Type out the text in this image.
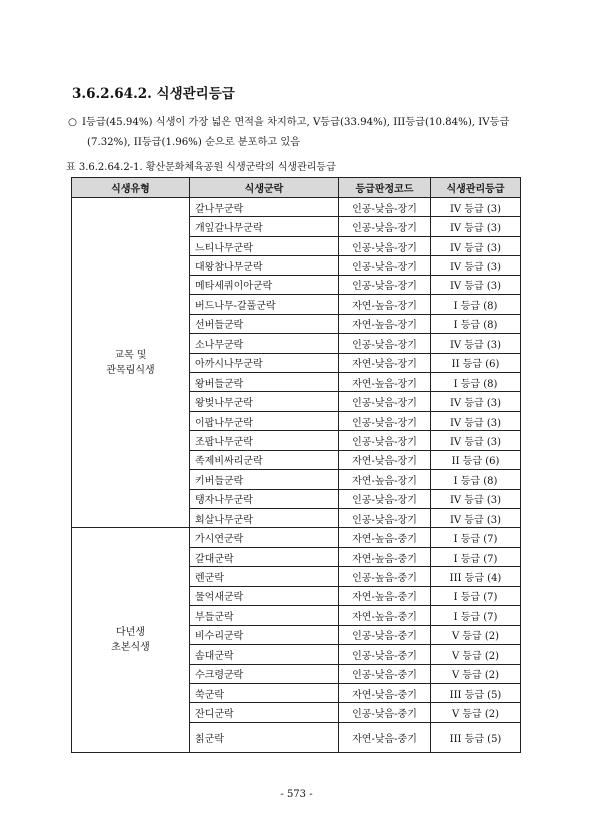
3.6.2.64.2. 식생관리등급
○ I등급(45.94%) 식생이 가장 넓은 면적을 차지하고, V등급(33.94%), III등급(10.84%), IV등급
(7.32%), II등급(1.96%) 순으로 분포하고 있음
표 3.6.2.64.2-1. 황산문화체육공원 식생군락의 식생관리등급
식생유형	식생군락	등급판정코드	식생관리등급

교목 및
관목림식생	갈나무군락	인공-낮음-장기	IV 등급 (3)
	개잎갈나무군락	인공-낮음-장기	IV 등급 (3)
	느티나무군락	인공-낮음-장기	IV 등급 (3)
	대왕참나무군락	인공-낮음-장기	IV 등급 (3)
	메타세쿼이아군락	인공-낮음-장기	IV 등급 (3)
	버드나무-갈풀군락	자연-높음-장기	I 등급 (8)
	선버들군락	자연-높음-장기	I 등급 (8)
	소나무군락	인공-낮음-장기	IV 등급 (3)
	아까시나무군락	자연-낮음-장기	II 등급 (6)
	왕버들군락	자연-높음-장기	I 등급 (8)
	왕벚나무군락	인공-낮음-장기	IV 등급 (3)
	이팝나무군락	인공-낮음-장기	IV 등급 (3)
	조팝나무군락	인공-낮음-장기	IV 등급 (3)
	족제비싸리군락	자연-낮음-장기	II 등급 (6)
	키버들군락	자연-높음-장기	I 등급 (8)
	탱자나무군락	인공-낮음-장기	IV 등급 (3)
	회살나무군락	인공-낮음-장기	IV 등급 (3)

다년생
초본식생	가시연군락	자연-높음-중기	I 등급 (7)
	갈대군락	자연-높음-중기	I 등급 (7)
	렌군락	인공-높음-중기	III 등급 (4)
	물억새군락	자연-높음-중기	I 등급 (7)
	부들군락	자연-높음-중기	I 등급 (7)
	비수리군락	인공-낮음-중기	V 등급 (2)
	솜대군락	인공-낮음-중기	V 등급 (2)
	수크령군락	인공-낮음-중기	V 등급 (2)
	쑥군락	자연-낮음-중기	III 등급 (5)
	잔디군락	인공-낮음-중기	V 등급 (2)
	칡군락	자연-낮음-중기	III 등급 (5)
- 573 -
